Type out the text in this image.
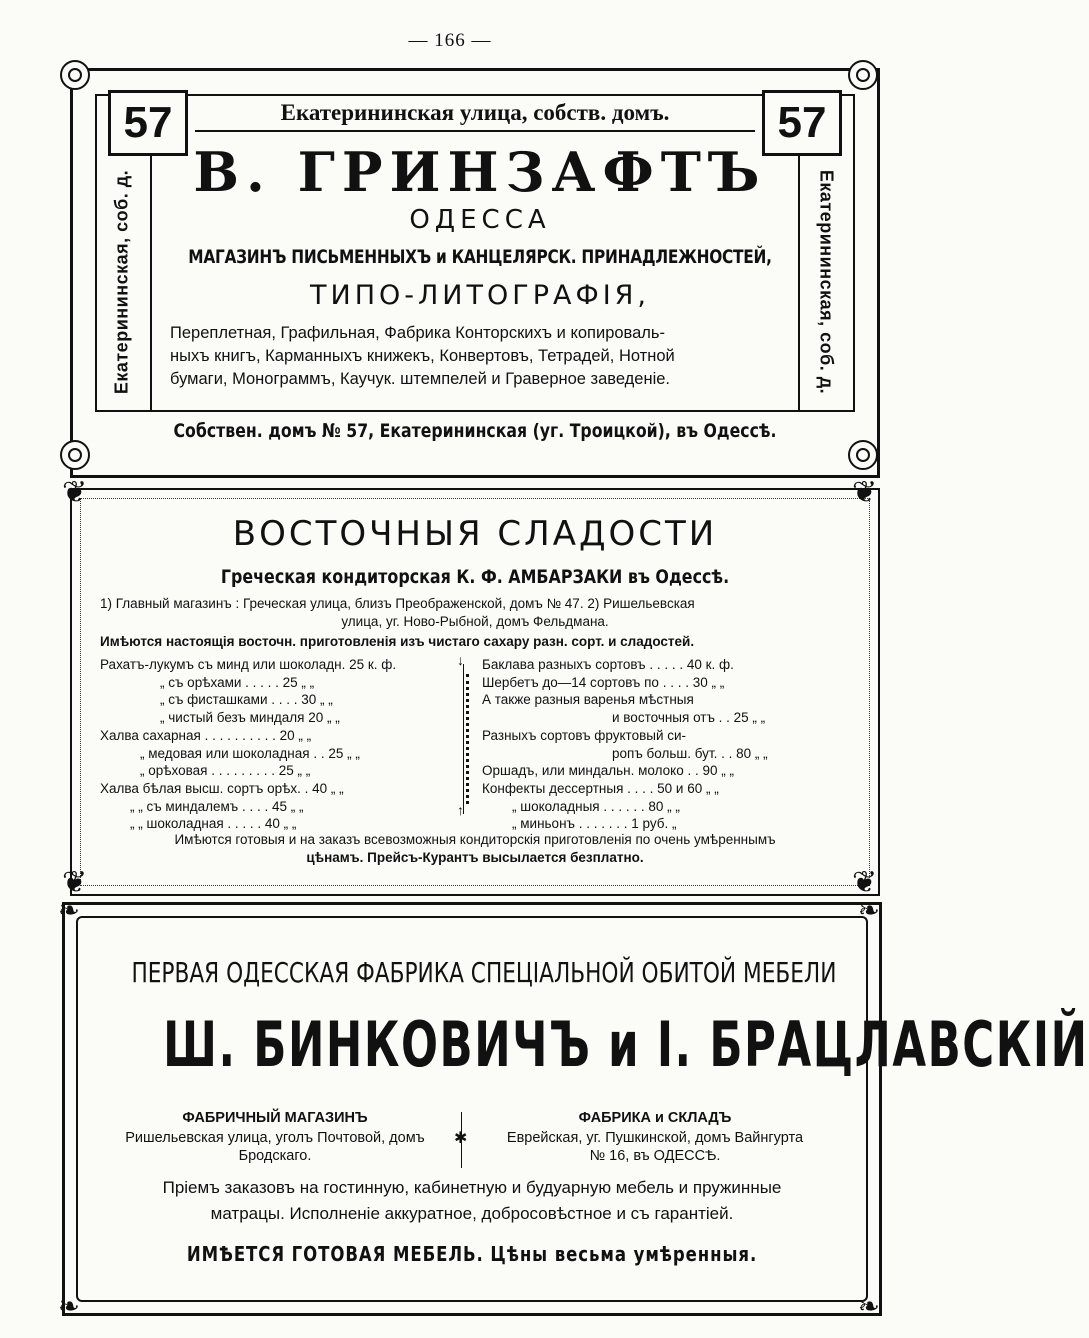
— 166 —
57	57
Екатерининская улица, собств. домъ.
В. ГРИНЗАФТЪ
ОДЕССА
МАГАЗИНЪ ПИСЬМЕННЫХЪ и КАНЦЕЛЯРСК. ПРИНАДЛЕЖНОСТЕЙ,
ТИПО-ЛИТОГРАФІЯ,
Переплетная, Графильная, Фабрика Конторскихъ и копироваль-
ныхъ книгъ, Карманныхъ книжекъ, Конвертовъ, Тетрадей, Нотной
бумаги, Монограммъ, Каучук. штемпелей и Граверное заведеніе.
Екатерининская, соб. д.	Екатерининская, соб. д.
Собствен. домъ № 57, Екатерининская (уг. Троицкой), въ Одессѣ.
❦	❦
❦	❦
ВОСТОЧНЫЯ СЛАДОСТИ
Греческая кондиторская К. Ф. АМБАРЗАКИ въ Одессѣ.
1) Главный магазинъ : Греческая улица, близъ Преображенской, домъ № 47. 2) Ришельевская
улица, уг. Ново-Рыбной, домъ Фельдмана.
Имѣются настоящія восточн. приготовленія изъ чистаго сахару разн. сорт. и сладостей.
Рахатъ-лукумъ съ минд или шоколадн. 25 к. ф.
„ съ орѣхами . . . . . 25 „ „
„ съ фисташками . . . . 30 „ „
„ чистый безъ миндаля 20 „ „
Халва сахарная . . . . . . . . . . 20 „ „
„ медовая или шоколадная . . 25 „ „
„ орѣховая . . . . . . . . . 25 „ „
Халва бѣлая высш. сортъ орѣх. . 40 „ „
„ „ съ миндалемъ . . . . 45 „ „
„ „ шоколадная . . . . . 40 „ „
↓
↑
Баклава разныхъ сортовъ . . . . . 40 к. ф.
Шербетъ до—14 сортовъ по . . . . 30 „ „
А также разныя варенья мѣстныя
и восточныя отъ . . 25 „ „
Разныхъ сортовъ фруктовый си-
ропъ больш. бут. . . 80 „ „
Оршадъ, или миндальн. молоко . . 90 „ „
Конфекты дессертныя . . . . 50 и 60 „ „
„ шоколадныя . . . . . . 80 „ „
„ миньонъ . . . . . . . 1 руб. „
Имѣются готовыя и на заказъ всевозможныя кондиторскія приготовленія по очень умѣреннымъ
цѣнамъ. Прейсъ-Курантъ высылается безплатно.
❧	❧
❧	❧
ПЕРВАЯ ОДЕССКАЯ ФАБРИКА СПЕЦІАЛЬНОЙ ОБИТОЙ МЕБЕЛИ
Ш. БИНКОВИЧЪ и І. БРАЦЛАВСКІЙ
ФАБРИЧНЫЙ МАГАЗИНЪ
Ришельевская улица, уголъ Почтовой, домъ
Бродскаго.
✱
ФАБРИКА и СКЛАДЪ
Еврейская, уг. Пушкинской, домъ Вайнгурта
№ 16, въ ОДЕССѢ.
Пріемъ заказовъ на гостинную, кабинетную и будуарную мебель и пружинные
матрацы. Исполненіе аккуратное, добросовѣстное и съ гарантіей.
ИМѢЕТСЯ ГОТОВАЯ МЕБЕЛЬ. Цѣны весьма умѣренныя.
